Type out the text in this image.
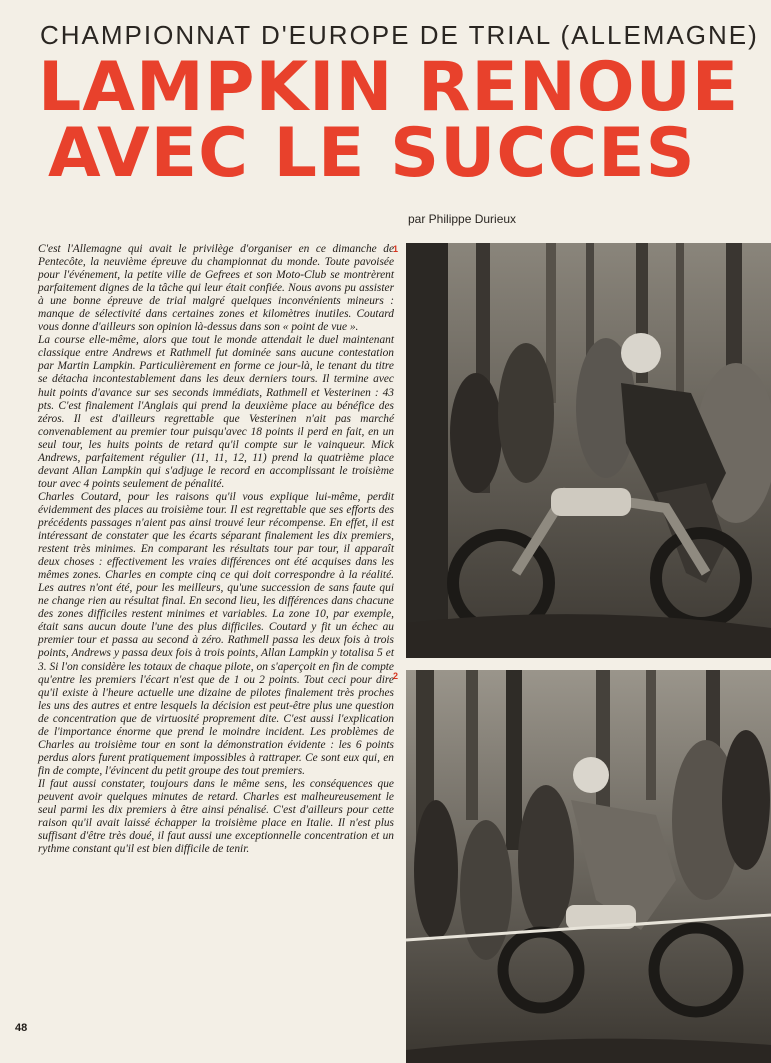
CHAMPIONNAT D'EUROPE DE TRIAL (ALLEMAGNE)
LAMPKIN RENOUE
AVEC LE SUCCES
par Philippe Durieux

C'est l'Allemagne qui avait le privilège d'organiser en ce dimanche de Pentecôte, la neuvième épreuve du championnat du monde. Toute pavoisée pour l'événement, la petite ville de Gefrees et son Moto-Club se montrèrent parfaitement dignes de la tâche qui leur était confiée. Nous avons pu assister à une bonne épreuve de trial malgré quelques inconvénients mineurs : manque de sélectivité dans certaines zones et kilomètres inutiles. Coutard vous donne d'ailleurs son opinion là-dessus dans son « point de vue ».

La course elle-même, alors que tout le monde attendait le duel maintenant classique entre Andrews et Rathmell fut dominée sans aucune contestation par Martin Lampkin. Particulièrement en forme ce jour-là, le tenant du titre se détacha incontestablement dans les deux derniers tours. Il termine avec huit points d'avance sur ses seconds immédiats, Rathmell et Vesterinen : 43 pts. C'est finalement l'Anglais qui prend la deuxième place au bénéfice des zéros. Il est d'ailleurs regrettable que Vesterinen n'ait pas marché convenablement au premier tour puisqu'avec 18 points il perd en fait, en un seul tour, les huits points de retard qu'il compte sur le vainqueur. Mick Andrews, parfaitement régulier (11, 11, 12, 11) prend la quatrième place devant Allan Lampkin qui s'adjuge le record en accomplissant le troisième tour avec 4 points seulement de pénalité.

Charles Coutard, pour les raisons qu'il vous explique lui-même, perdit évidemment des places au troisième tour. Il est regrettable que ses efforts des précédents passages n'aient pas ainsi trouvé leur récompense. En effet, il est intéressant de constater que les écarts séparant finalement les dix premiers, restent très minimes. En comparant les résultats tour par tour, il apparaît deux choses : effectivement les vraies différences ont été acquises dans les mêmes zones. Charles en compte cinq ce qui doit correspondre à la réalité. Les autres n'ont été, pour les meilleurs, qu'une succession de sans faute qui ne change rien au résultat final. En second lieu, les différences dans chacune des zones difficiles restent minimes et variables. La zone 10, par exemple, était sans aucun doute l'une des plus difficiles. Coutard y fit un échec au premier tour et passa au second à zéro. Rathmell passa les deux fois à trois points, Andrews y passa deux fois à trois points, Allan Lampkin y totalisa 5 et 3. Si l'on considère les totaux de chaque pilote, on s'aperçoit en fin de compte qu'entre les premiers l'écart n'est que de 1 ou 2 points. Tout ceci pour dire qu'il existe à l'heure actuelle une dizaine de pilotes finalement très proches les uns des autres et entre lesquels la décision est peut-être plus une question de concentration que de virtuosité proprement dite. C'est aussi l'explication de l'importance énorme que prend le moindre incident. Les problèmes de Charles au troisième tour en sont la démonstration évidente : les 6 points perdus alors furent pratiquement impossibles à rattraper. Ce sont eux qui, en fin de compte, l'évincent du petit groupe des tout premiers.

Il faut aussi constater, toujours dans le même sens, les conséquences que peuvent avoir quelques minutes de retard. Charles est malheureusement le seul parmi les dix premiers à être ainsi pénalisé. C'est d'ailleurs pour cette raison qu'il avait laissé échapper la troisième place en Italie. Il n'est plus suffisant d'être très doué, il faut aussi une exceptionnelle concentration et un rythme constant qu'il est bien difficile de tenir.

1
2
48
